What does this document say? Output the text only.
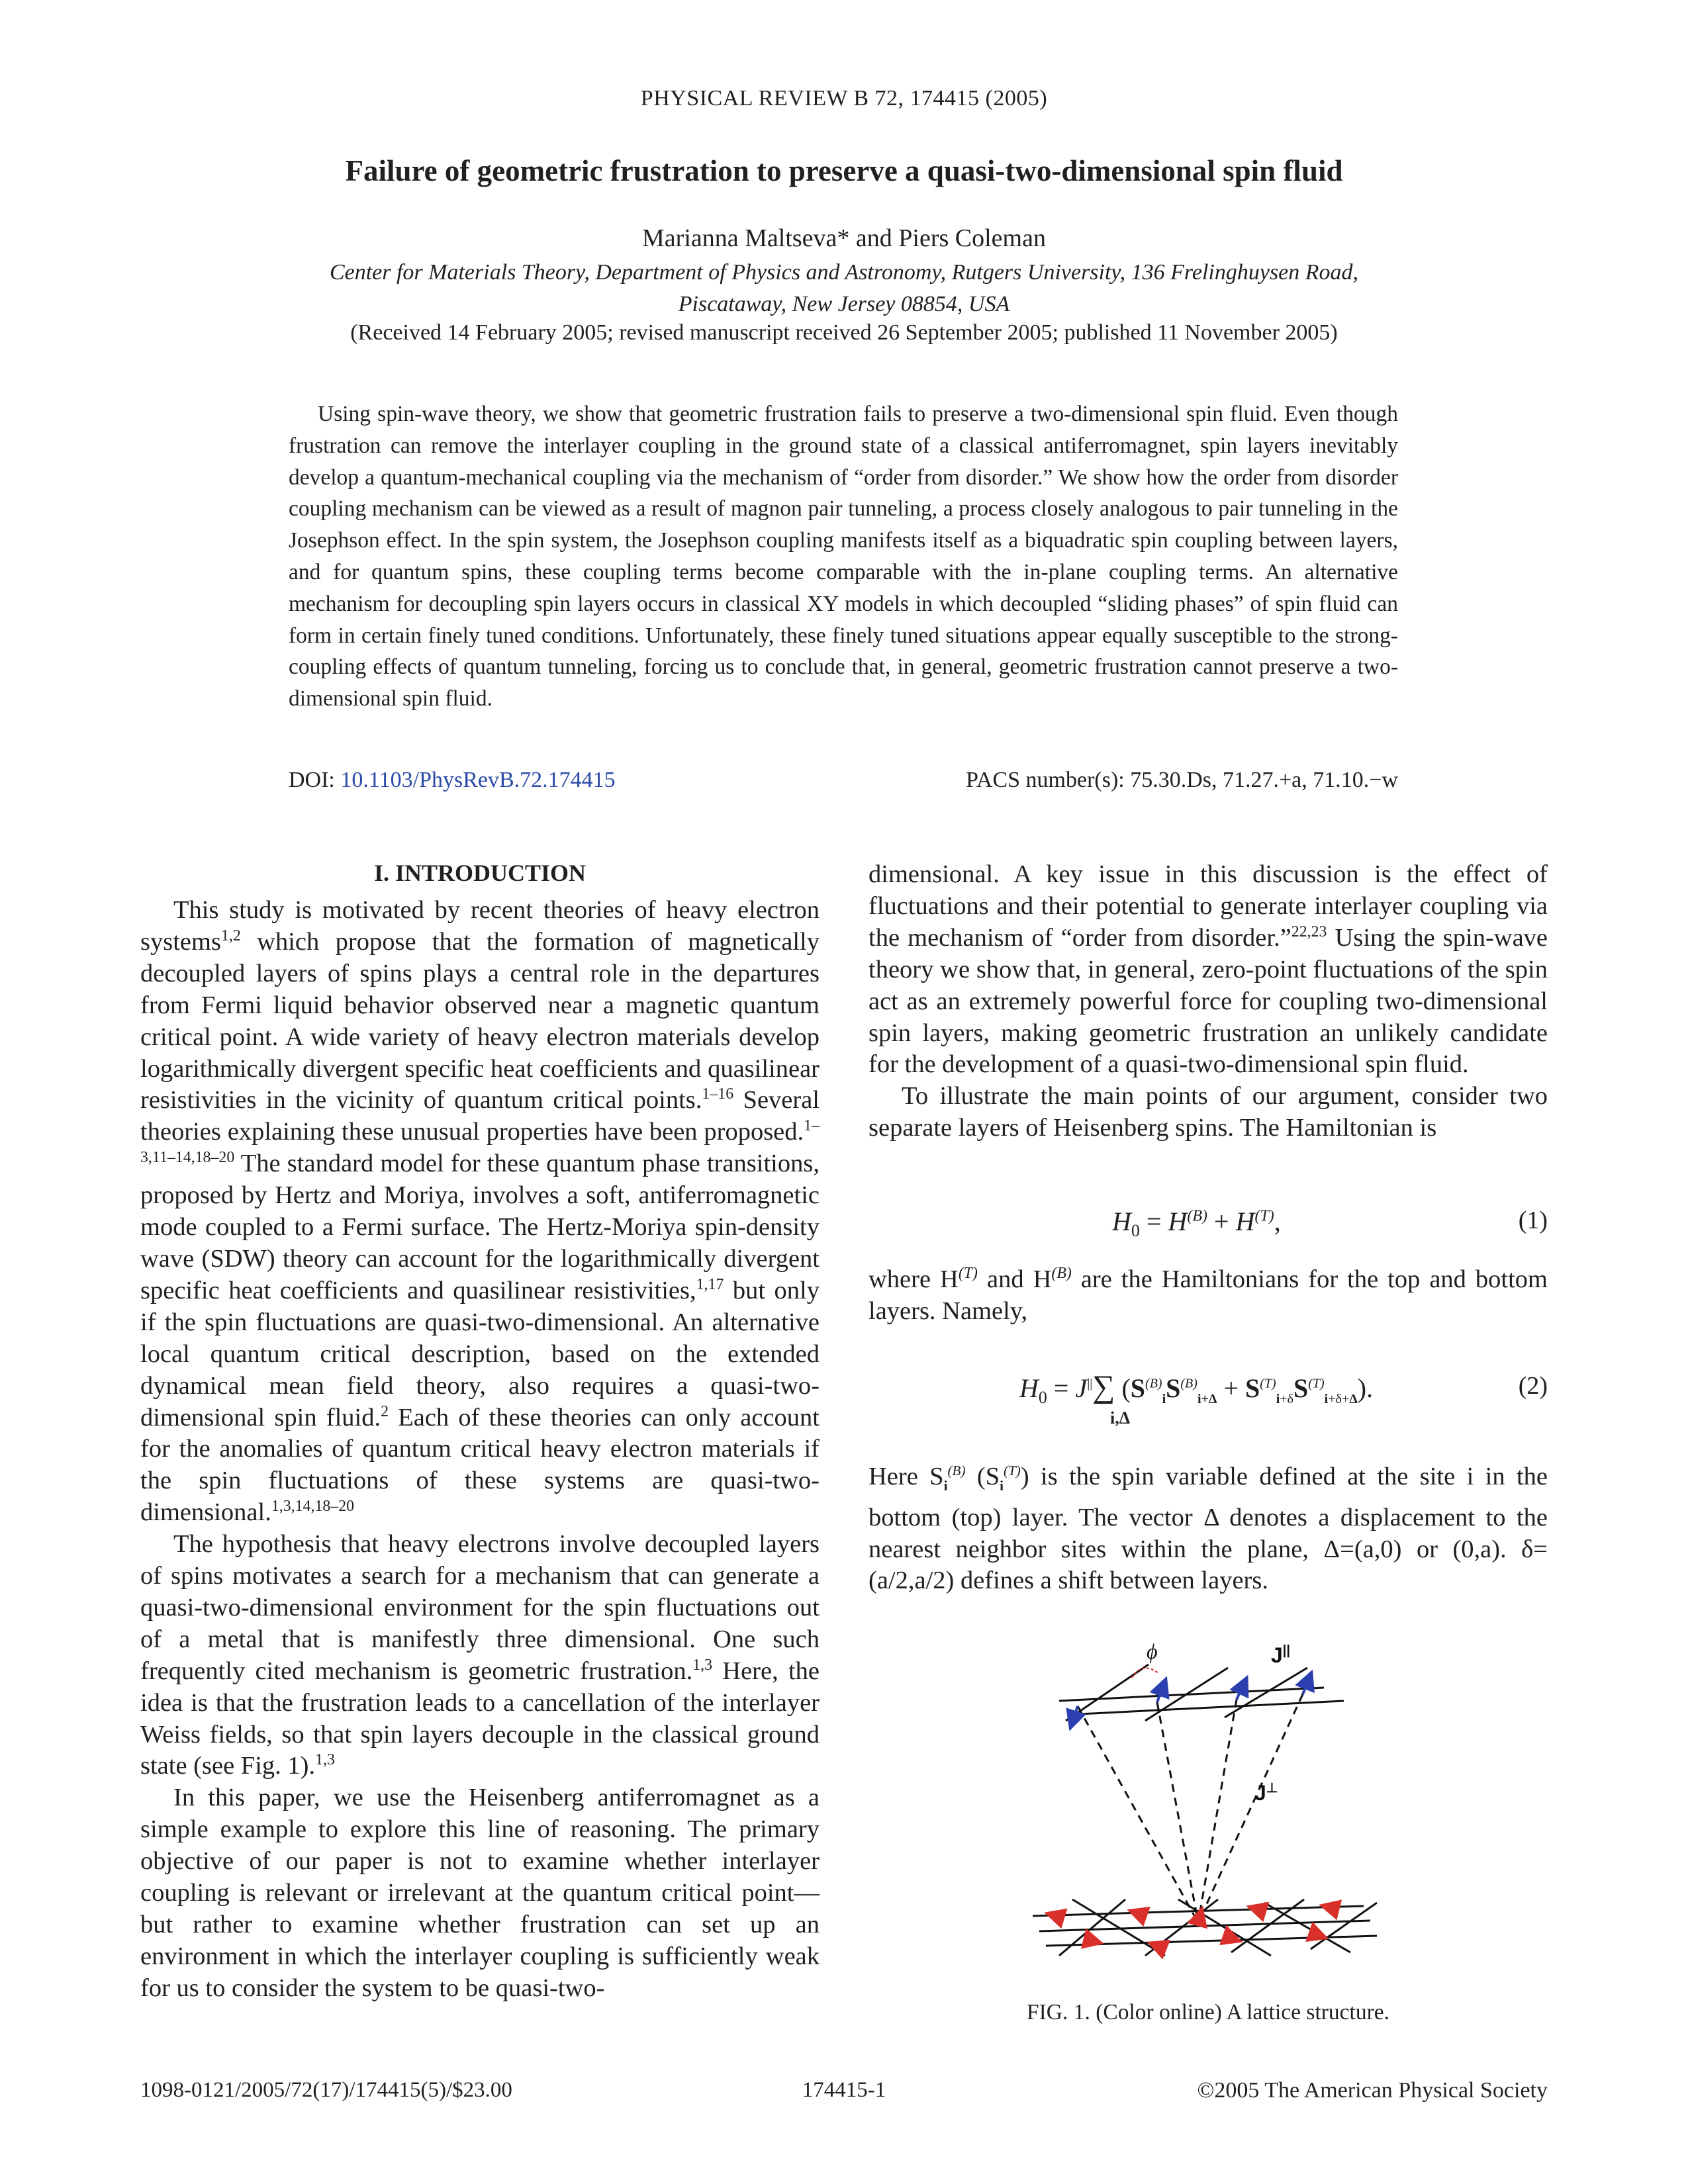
PHYSICAL REVIEW B 72, 174415 (2005)
Failure of geometric frustration to preserve a quasi-two-dimensional spin fluid
Marianna Maltseva* and Piers Coleman
Center for Materials Theory, Department of Physics and Astronomy, Rutgers University, 136 Frelinghuysen Road,
Piscataway, New Jersey 08854, USA
(Received 14 February 2005; revised manuscript received 26 September 2005; published 11 November 2005)
Using spin-wave theory, we show that geometric frustration fails to preserve a two-dimensional spin fluid. Even though frustration can remove the interlayer coupling in the ground state of a classical antiferromagnet, spin layers inevitably develop a quantum-mechanical coupling via the mechanism of “order from disorder.” We show how the order from disorder coupling mechanism can be viewed as a result of magnon pair tunneling, a process closely analogous to pair tunneling in the Josephson effect. In the spin system, the Josephson coupling manifests itself as a biquadratic spin coupling between layers, and for quantum spins, these coupling terms become comparable with the in-plane coupling terms. An alternative mechanism for decoupling spin layers occurs in classical XY models in which decoupled “sliding phases” of spin fluid can form in certain finely tuned conditions. Unfortunately, these finely tuned situations appear equally susceptible to the strong-coupling effects of quantum tunneling, forcing us to conclude that, in general, geometric frustration cannot preserve a two-dimensional spin fluid.
DOI: 10.1103/PhysRevB.72.174415	PACS number(s): 75.30.Ds, 71.27.+a, 71.10.−w
I. INTRODUCTION

This study is motivated by recent theories of heavy electron systems$^{1,2}$ which propose that the formation of magnetically decoupled layers of spins plays a central role in the departures from Fermi liquid behavior observed near a magnetic quantum critical point. A wide variety of heavy electron materials develop logarithmically divergent specific heat coefficients and quasilinear resistivities in the vicinity of quantum critical points.$^{1-16}$ Several theories explaining these unusual properties have been proposed.$^{1-3,11-14,18-20}$ The standard model for these quantum phase transitions, proposed by Hertz and Moriya, involves a soft, antiferromagnetic mode coupled to a Fermi surface. The Hertz-Moriya spin-density wave (SDW) theory can account for the logarithmically divergent specific heat coefficients and quasilinear resistivities,$^{1,17}$ but only if the spin fluctuations are quasi-two-dimensional. An alternative local quantum critical description, based on the extended dynamical mean field theory, also requires a quasi-two-dimensional spin fluid.$^2$ Each of these theories can only account for the anomalies of quantum critical heavy electron materials if the spin fluctuations of these systems are quasi-two-dimensional.$^{1,3,14,18-20}$

The hypothesis that heavy electrons involve decoupled layers of spins motivates a search for a mechanism that can generate a quasi-two-dimensional environment for the spin fluctuations out of a metal that is manifestly three dimensional. One such frequently cited mechanism is geometric frustration.$^{1,3}$ Here, the idea is that the frustration leads to a cancellation of the interlayer Weiss fields, so that spin layers decouple in the classical ground state (see Fig. 1).$^{1,3}$

In this paper, we use the Heisenberg antiferromagnet as a simple example to explore this line of reasoning. The primary objective of our paper is not to examine whether interlayer coupling is relevant or irrelevant at the quantum critical point—but rather to examine whether frustration can set up an environment in which the interlayer coupling is sufficiently weak for us to consider the system to be quasi-two-

dimensional. A key issue in this discussion is the effect of fluctuations and their potential to generate interlayer coupling via the mechanism of “order from disorder.”$^{22,23}$ Using the spin-wave theory we show that, in general, zero-point fluctuations of the spin act as an extremely powerful force for coupling two-dimensional spin layers, making geometric frustration an unlikely candidate for the development of a quasi-two-dimensional spin fluid.

To illustrate the main points of our argument, consider two separate layers of Heisenberg spins. The Hamiltonian is

$H_0 = H^{(B)} + H^{(T)}$,	(1)

where $H^{(T)}$ and $H^{(B)}$ are the Hamiltonians for the top and bottom layers. Namely,

$H_0 = J^{||}\sum$ $(S^{(B)}_iS^{(B)}_{i+\Delta} + S^{(T)}_{i+\delta}S^{(T)}_{i+\delta+\Delta})$.
i,Δ
(2)

Here $S_i^{(B)}$ $(S_i^{(T)})$ is the spin variable defined at the site i in the bottom (top) layer. The vector Δ denotes a displacement to the nearest neighbor sites within the plane, Δ=(a,0) or (0,a). δ=(a/2,a/2) defines a shift between layers.

ϕ	J||
J⊥
FIG. 1. (Color online) A lattice structure.
1098-0121/2005/72(17)/174415(5)/$23.00	174415-1	©2005 The American Physical Society
